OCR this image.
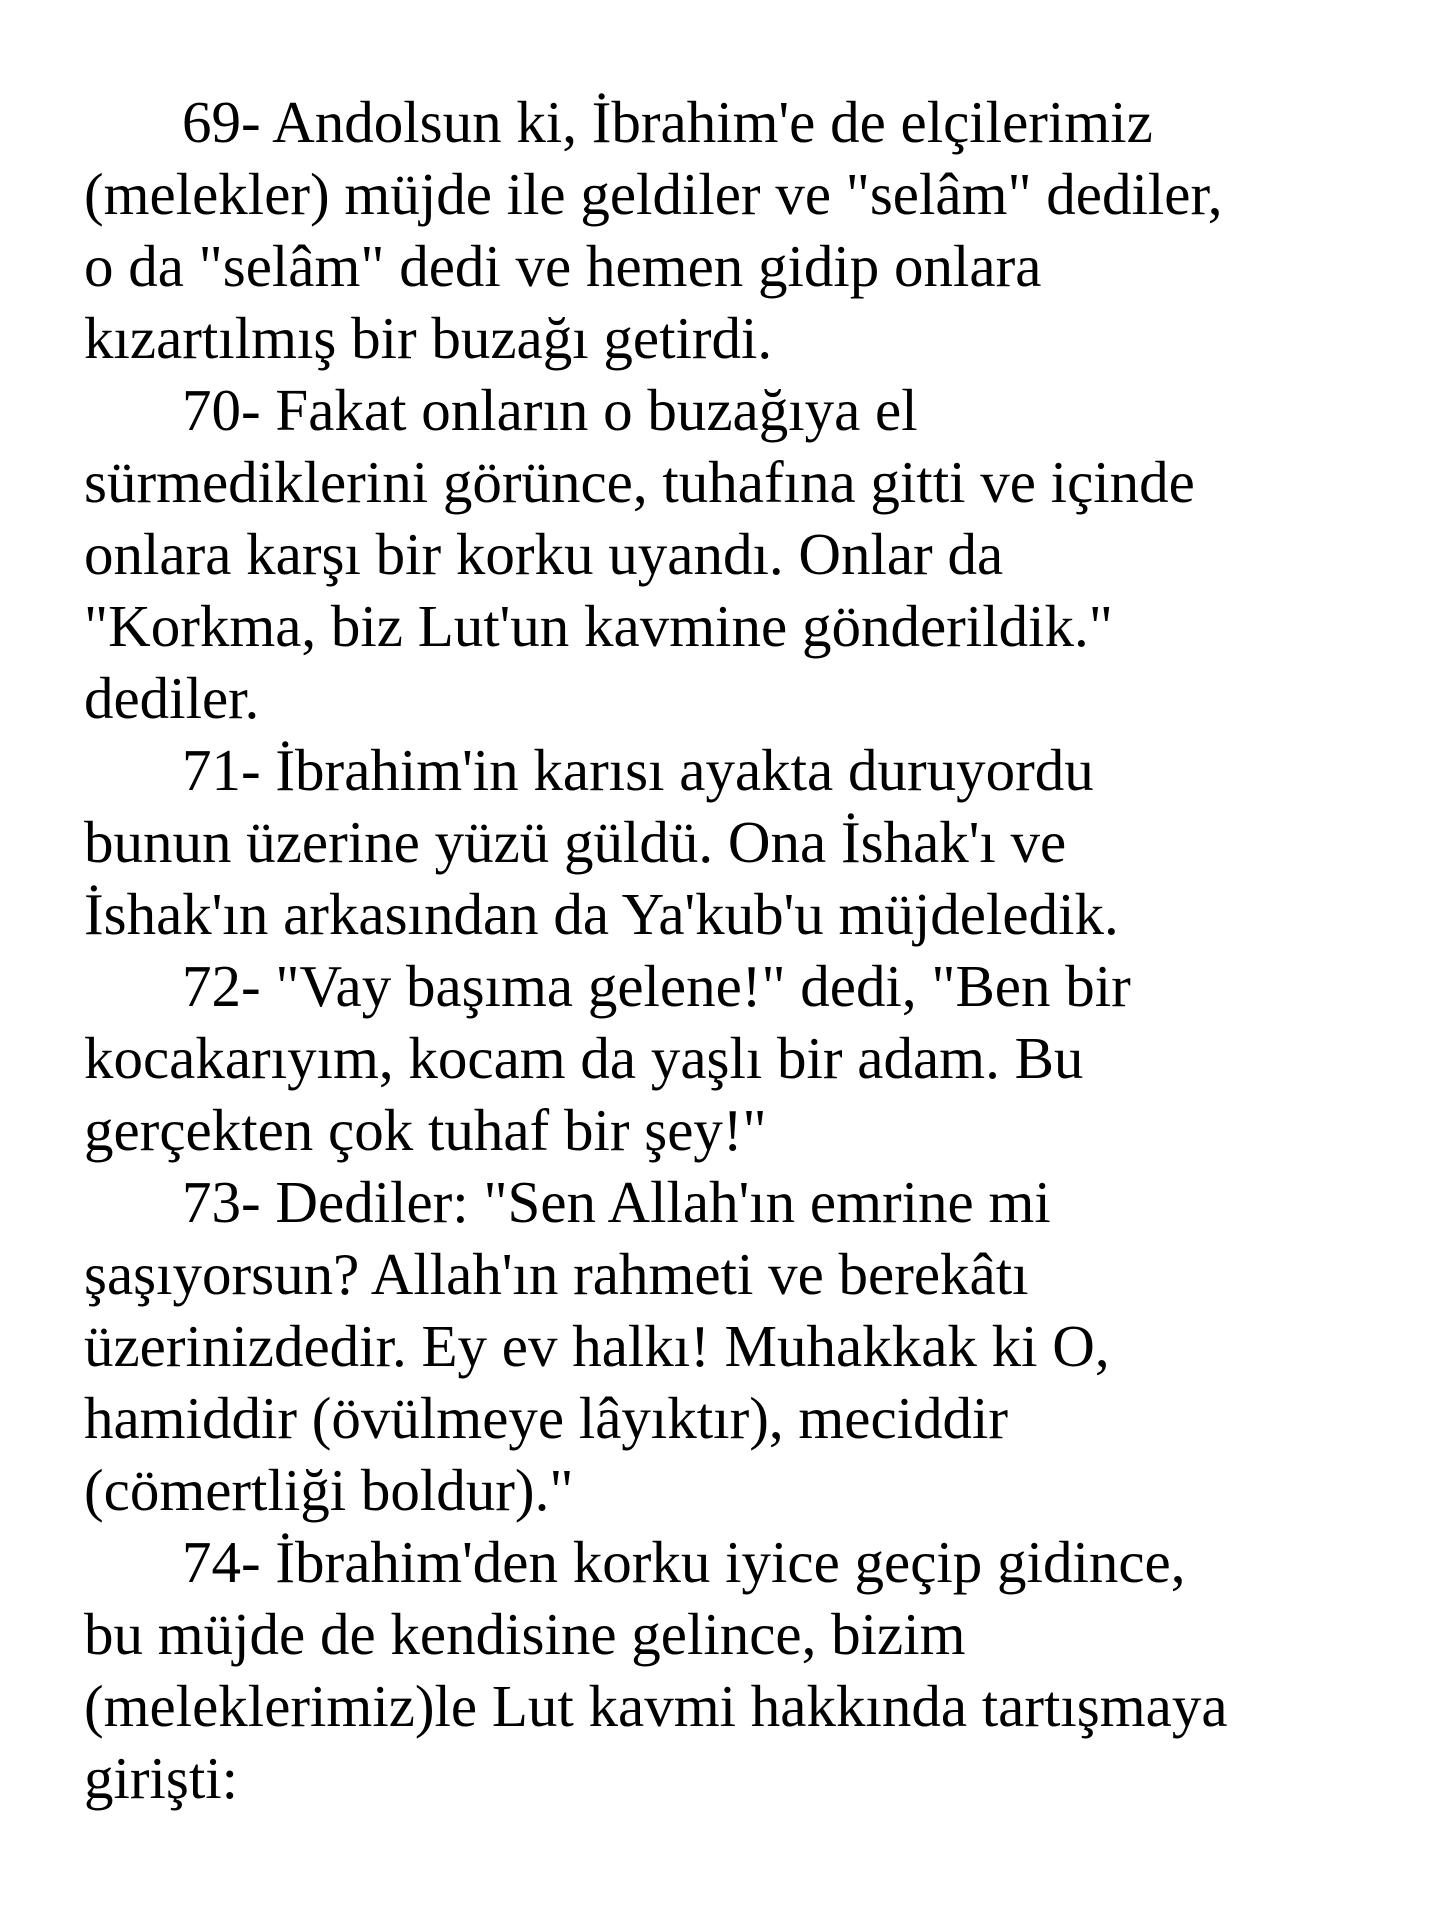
69- Andolsun ki, İbrahim'e de elçilerimiz
(melekler) müjde ile geldiler ve "selâm" dediler,
o da "selâm" dedi ve hemen gidip onlara
kızartılmış bir buzağı getirdi.

70- Fakat onların o buzağıya el
sürmediklerini görünce, tuhafına gitti ve içinde
onlara karşı bir korku uyandı. Onlar da
"Korkma, biz Lut'un kavmine gönderildik."
dediler.

71- İbrahim'in karısı ayakta duruyordu
bunun üzerine yüzü güldü. Ona İshak'ı ve
İshak'ın arkasından da Ya'kub'u müjdeledik.

72- "Vay başıma gelene!" dedi, "Ben bir
kocakarıyım, kocam da yaşlı bir adam. Bu
gerçekten çok tuhaf bir şey!"

73- Dediler: "Sen Allah'ın emrine mi
şaşıyorsun? Allah'ın rahmeti ve berekâtı
üzerinizdedir. Ey ev halkı! Muhakkak ki O,
hamiddir (övülmeye lâyıktır), meciddir
(cömertliği boldur)."

74- İbrahim'den korku iyice geçip gidince,
bu müjde de kendisine gelince, bizim
(meleklerimiz)le Lut kavmi hakkında tartışmaya
girişti:
